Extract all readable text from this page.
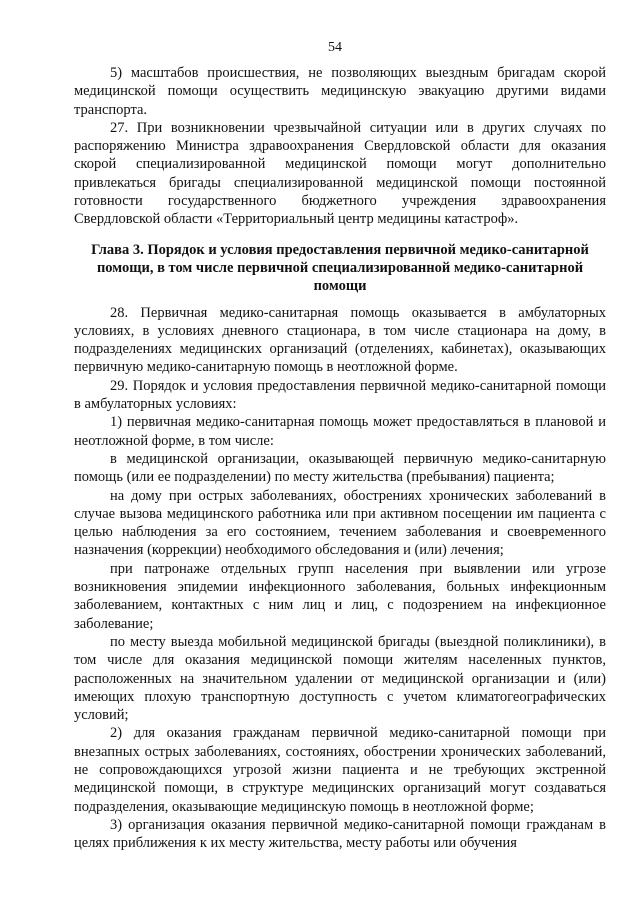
54

5) масштабов происшествия, не позволяющих выездным бригадам скорой медицинской помощи осуществить медицинскую эвакуацию другими видами транспорта.

27. При возникновении чрезвычайной ситуации или в других случаях по распоряжению Министра здравоохранения Свердловской области для оказания скорой специализированной медицинской помощи могут дополнительно привлекаться бригады специализированной медицинской помощи постоянной готовности государственного бюджетного учреждения здравоохранения Свердловской области «Территориальный центр медицины катастроф».

Глава 3. Порядок и условия предоставления первичной медико-санитарной помощи, в том числе первичной специализированной медико-санитарной помощи

28. Первичная медико-санитарная помощь оказывается в амбулаторных условиях, в условиях дневного стационара, в том числе стационара на дому, в подразделениях медицинских организаций (отделениях, кабинетах), оказывающих первичную медико-санитарную помощь в неотложной форме.

29. Порядок и условия предоставления первичной медико-санитарной помощи в амбулаторных условиях:

1) первичная медико-санитарная помощь может предоставляться в плановой и неотложной форме, в том числе:

в медицинской организации, оказывающей первичную медико-санитарную помощь (или ее подразделении) по месту жительства (пребывания) пациента;

на дому при острых заболеваниях, обострениях хронических заболеваний в случае вызова медицинского работника или при активном посещении им пациента с целью наблюдения за его состоянием, течением заболевания и своевременного назначения (коррекции) необходимого обследования и (или) лечения;

при патронаже отдельных групп населения при выявлении или угрозе возникновения эпидемии инфекционного заболевания, больных инфекционным заболеванием, контактных с ним лиц и лиц, с подозрением на инфекционное заболевание;

по месту выезда мобильной медицинской бригады (выездной поликлиники), в том числе для оказания медицинской помощи жителям населенных пунктов, расположенных на значительном удалении от медицинской организации и (или) имеющих плохую транспортную доступность с учетом климатогеографических условий;

2) для оказания гражданам первичной медико-санитарной помощи при внезапных острых заболеваниях, состояниях, обострении хронических заболеваний, не сопровождающихся угрозой жизни пациента и не требующих экстренной медицинской помощи, в структуре медицинских организаций могут создаваться подразделения, оказывающие медицинскую помощь в неотложной форме;

3) организация оказания первичной медико-санитарной помощи гражданам в целях приближения к их месту жительства, месту работы или обучения
